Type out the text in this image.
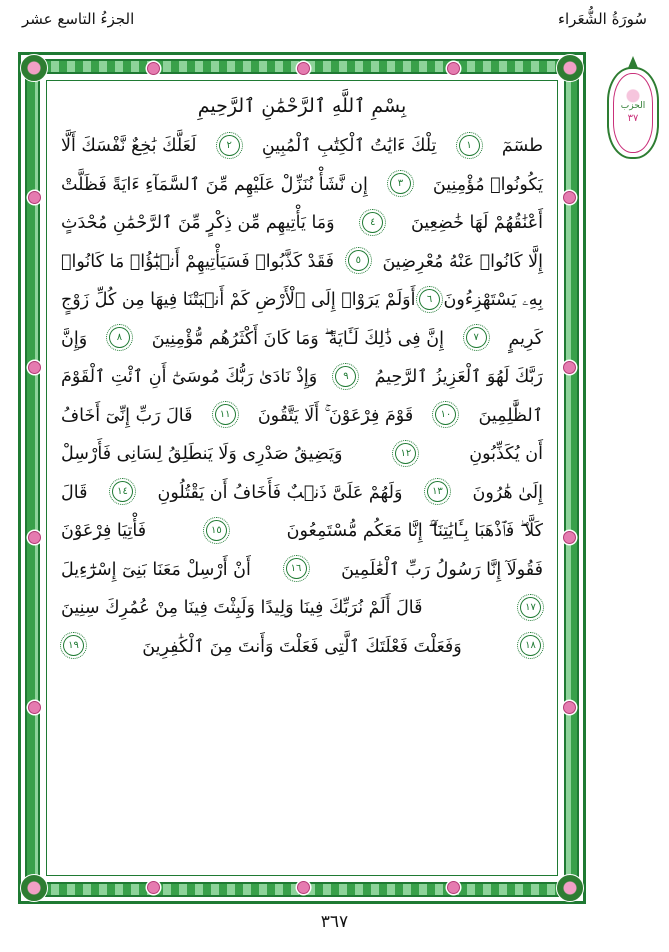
سُورَةُ الشُّعَراء
الجزءُ التاسع عشر
الحزب
٣٧
بِسْمِ ٱللَّهِ ٱلرَّحْمَٰنِ ٱلرَّحِيمِ
طسٓمٓ
١
تِلْكَ ءَايَٰتُ ٱلْكِتَٰبِ ٱلْمُبِينِ
٢
لَعَلَّكَ بَٰخِعٌ نَّفْسَكَ أَلَّا
يَكُونُوا۟ مُؤْمِنِينَ
٣
إِن نَّشَأْ نُنَزِّلْ عَلَيْهِم مِّنَ ٱلسَّمَآءِ ءَايَةً فَظَلَّتْ
أَعْنَٰقُهُمْ لَهَا خَٰضِعِينَ
٤
وَمَا يَأْتِيهِم مِّن ذِكْرٍ مِّنَ ٱلرَّحْمَٰنِ مُحْدَثٍ
إِلَّا كَانُوا۟ عَنْهُ مُعْرِضِينَ
٥
فَقَدْ كَذَّبُوا۟ فَسَيَأْتِيهِمْ أَنۢبَٰٓؤُا۟ مَا كَانُوا۟
بِهِۦ يَسْتَهْزِءُونَ
٦
أَوَلَمْ يَرَوْا۟ إِلَى ٱلْأَرْضِ كَمْ أَنۢبَتْنَا فِيهَا مِن كُلِّ زَوْجٍ
كَرِيمٍ
٧
إِنَّ فِى ذَٰلِكَ لَـَٔايَةً ۖ وَمَا كَانَ أَكْثَرُهُم مُّؤْمِنِينَ
٨
وَإِنَّ
رَبَّكَ لَهُوَ ٱلْعَزِيزُ ٱلرَّحِيمُ
٩
وَإِذْ نَادَىٰ رَبُّكَ مُوسَىٰٓ أَنِ ٱئْتِ ٱلْقَوْمَ
ٱلظَّٰلِمِينَ
١٠
قَوْمَ فِرْعَوْنَ ۚ أَلَا يَتَّقُونَ
١١
قَالَ رَبِّ إِنِّىٓ أَخَافُ
أَن يُكَذِّبُونِ
١٢
وَيَضِيقُ صَدْرِى وَلَا يَنطَلِقُ لِسَانِى فَأَرْسِلْ
إِلَىٰ هَٰرُونَ
١٣
وَلَهُمْ عَلَىَّ ذَنۢبٌ فَأَخَافُ أَن يَقْتُلُونِ
١٤
قَالَ
كَلَّا ۖ فَٱذْهَبَا بِـَٔايَٰتِنَآ ۖ إِنَّا مَعَكُم مُّسْتَمِعُونَ
١٥
فَأْتِيَا فِرْعَوْنَ
فَقُولَآ إِنَّا رَسُولُ رَبِّ ٱلْعَٰلَمِينَ
١٦
أَنْ أَرْسِلْ مَعَنَا بَنِىٓ إِسْرَٰٓءِيلَ
١٧
قَالَ أَلَمْ نُرَبِّكَ فِينَا وَلِيدًا وَلَبِثْتَ فِينَا مِنْ عُمُرِكَ سِنِينَ
١٨
وَفَعَلْتَ فَعْلَتَكَ ٱلَّتِى فَعَلْتَ وَأَنتَ مِنَ ٱلْكَٰفِرِينَ
١٩
٣٦٧
